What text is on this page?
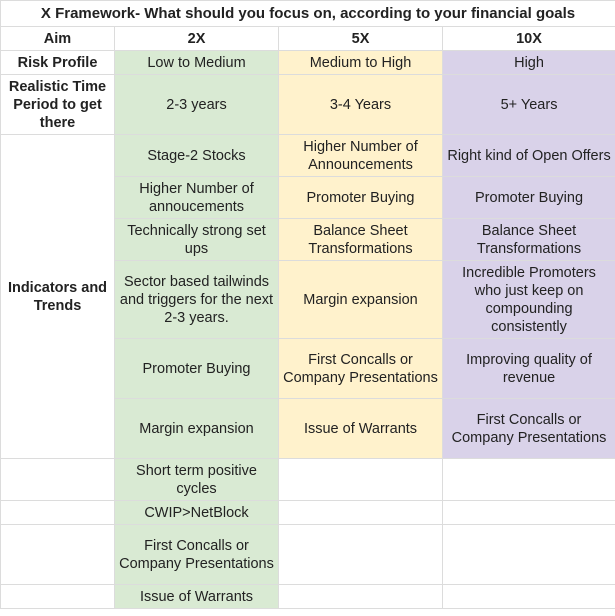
X Framework- What should you focus on, according to your financial goals			
Aim	2X	5X	10X
Risk Profile	Low to Medium	Medium to High	High
Realistic Time Period to get there	2-3 years	3-4 Years	5+ Years
Indicators and Trends	Stage-2 Stocks	Higher Number of Announcements	Right kind of Open Offers
	Higher Number of annoucements	Promoter Buying	Promoter Buying
	Technically strong set ups	Balance Sheet Transformations	Balance Sheet Transformations
	Sector based tailwinds and triggers for the next 2-3 years.	Margin expansion	Incredible Promoters who just keep on compounding consistently
	Promoter Buying	First Concalls or Company Presentations	Improving quality of revenue
	Margin expansion	Issue of Warrants	First Concalls or Company Presentations
	Short term positive cycles		
	CWIP>NetBlock		
	First Concalls or Company Presentations		
	Issue of Warrants		
